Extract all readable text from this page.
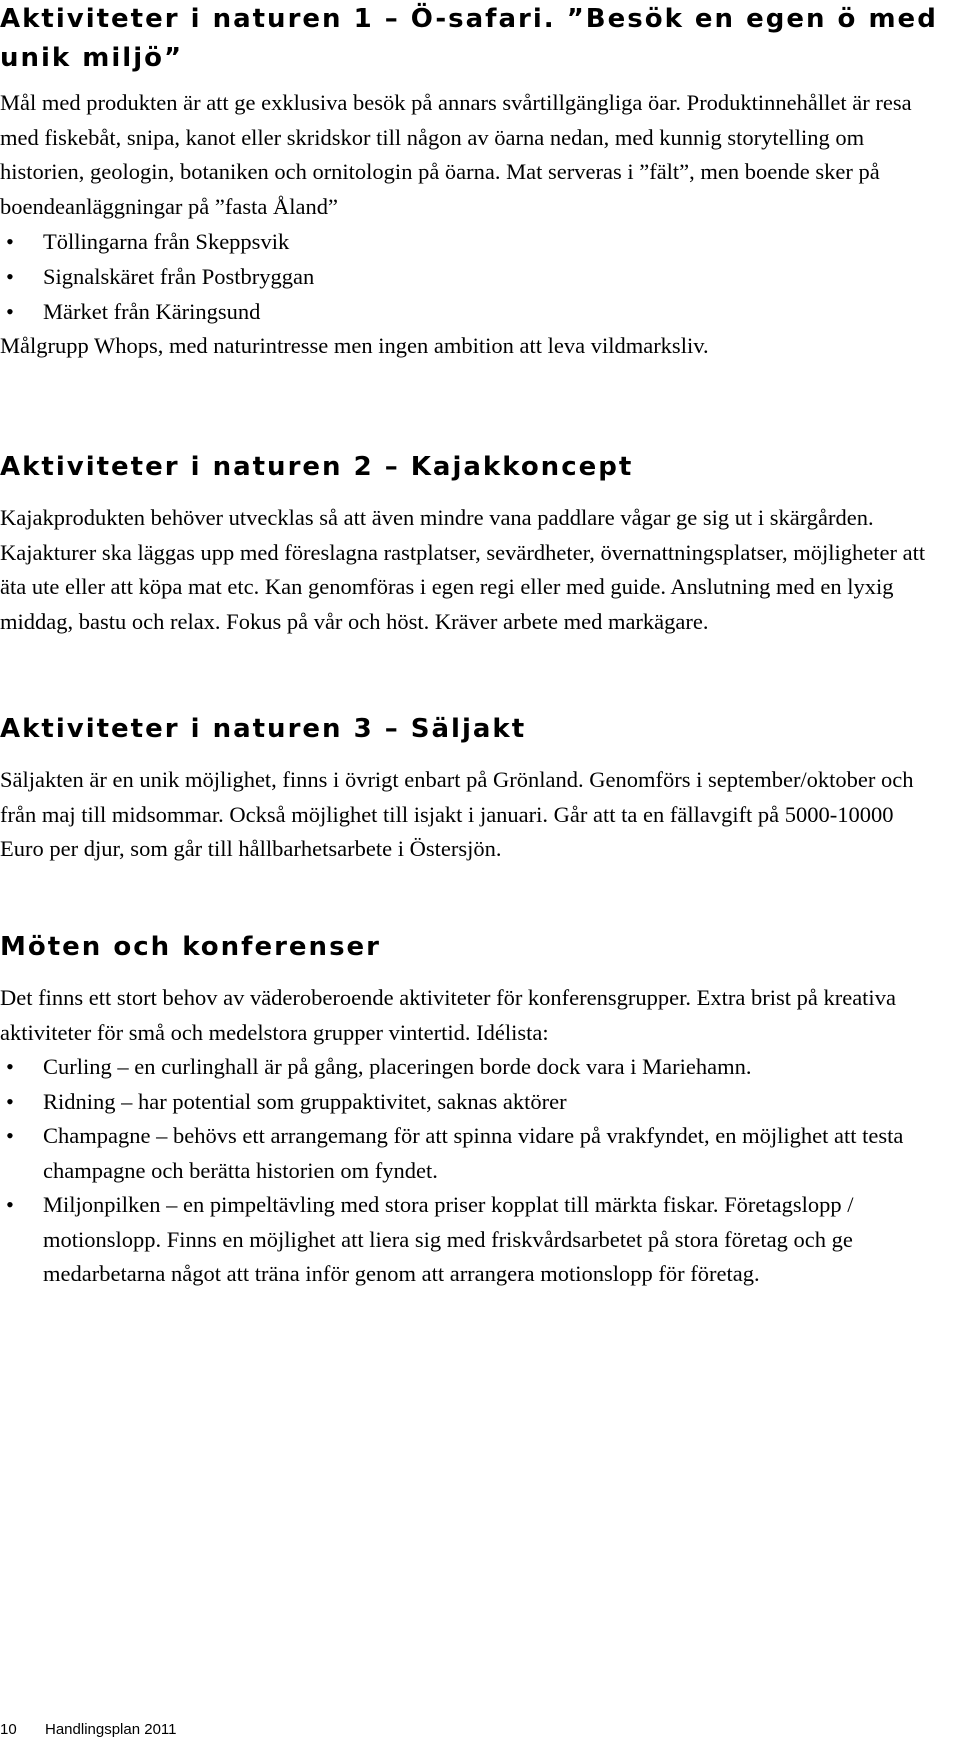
Aktiviteter i naturen 1 – Ö-safari. ”Besök en egen ö med unik miljö”

Mål med produkten är att ge exklusiva besök på annars svårtillgängliga öar. Produktinnehållet är resa med fiskebåt, snipa, kanot eller skridskor till någon av öarna nedan, med kunnig storytelling om historien, geologin, botaniken och ornitologin på öarna. Mat serveras i ”fält”, men boende sker på boendeanläggningar på ”fasta Åland”

• Töllingarna från Skeppsvik
• Signalskäret från Postbryggan
• Märket från Käringsund

Målgrupp Whops, med naturintresse men ingen ambition att leva vildmarksliv.

Aktiviteter i naturen 2 – Kajakkoncept

Kajakprodukten behöver utvecklas så att även mindre vana paddlare vågar ge sig ut i skärgården. Kajakturer ska läggas upp med föreslagna rastplatser, sevärdheter, övernattningsplatser, möjligheter att äta ute eller att köpa mat etc. Kan genomföras i egen regi eller med guide. Anslutning med en lyxig middag, bastu och relax. Fokus på vår och höst. Kräver arbete med markägare.

Aktiviteter i naturen 3 – Säljakt

Säljakten är en unik möjlighet, finns i övrigt enbart på Grönland. Genomförs i september/oktober och från maj till midsommar. Också möjlighet till isjakt i januari. Går att ta en fällavgift på 5000-10000 Euro per djur, som går till hållbarhetsarbete i Östersjön.

Möten och konferenser

Det finns ett stort behov av väderoberoende aktiviteter för konferensgrupper. Extra brist på kreativa aktiviteter för små och medelstora grupper vintertid. Idélista:

• Curling – en curlinghall är på gång, placeringen borde dock vara i Mariehamn.
• Ridning – har potential som gruppaktivitet, saknas aktörer
• Champagne – behövs ett arrangemang för att spinna vidare på vrakfyndet, en möjlighet att testa champagne och berätta historien om fyndet.
• Miljonpilken – en pimpeltävling med stora priser kopplat till märkta fiskar. Företagslopp / motionslopp. Finns en möjlighet att liera sig med friskvårdsarbetet på stora företag och ge medarbetarna något att träna inför genom att arrangera motionslopp för företag.
10 Handlingsplan 2011
